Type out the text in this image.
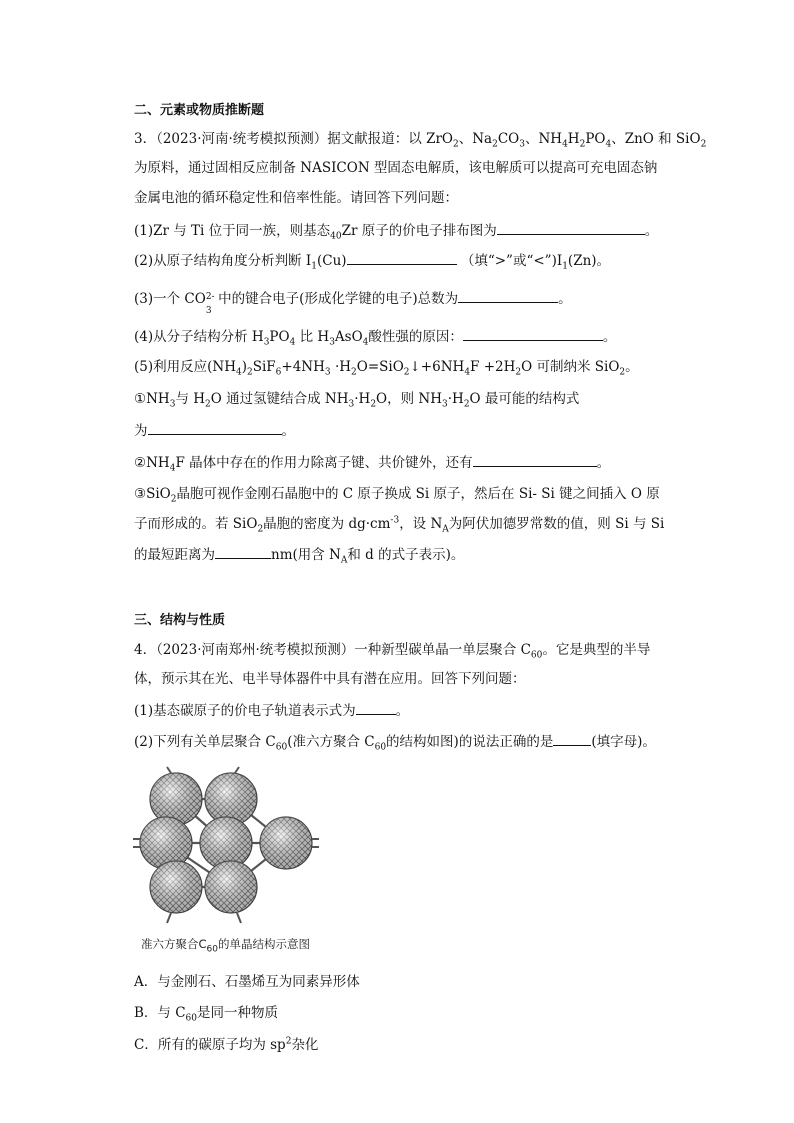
二、元素或物质推断题
3．（2023·河南·统考模拟预测）据文献报道：以 ZrO$_2$、$Na_2CO_3$、$NH_4H_2PO_4$、ZnO 和 SiO$_2$
为原料，通过固相反应制备 NASICON 型固态电解质，该电解质可以提高可充电固态钠
金属电池的循环稳定性和倍率性能。请回答下列问题：
(1)Zr 与 Ti 位于同一族，则基态$_{40}$Zr 原子的价电子排布图为	。
(2)从原子结构角度分析判断 $I_1(Cu)$	（填“>”或“$<”)I_1(Zn)$。
(3)一个 CO 2-
3
中的键合电子(形成化学键的电子)总数为	。
(4)从分子结构分析 $H_3PO_4$ 比 $H_3AsO_4$酸性强的原因：	。
(5)利用反应$(NH_4)_2SiF_6+4NH_3$ $\cdot H_2O=SiO_2↓+6NH_4F +2H_2O$ 可制纳米 SiO$_2$。
$①NH_3$与 $H_2O$ 通过氢键结合成 $NH_3\cdot H_2O$，则 $NH_3\cdot H_2O$ 最可能的结构式
为	。
$②NH_4F$ 晶体中存在的作用力除离子键、共价键外，还有	。
③SiO$_2$晶胞可视作金刚石晶胞中的 C 原子换成 Si 原子，然后在 Si- Si 键之间插入 O 原
子而形成的。若 SiO$_2$晶胞的密度为 $dg\cdot cm^{-3}$，设 $N_A$为阿伏加德罗常数的值，则 Si 与 Si
的最短距离为	nm(用含 $N_A$和 d 的式子表示)。
三、结构与性质
4．（2023·河南郑州·统考模拟预测）一种新型碳单晶一单层聚合 $C_{60}$。它是典型的半导
体，预示其在光、电半导体器件中具有潜在应用。回答下列问题：
(1)基态碳原子的价电子轨道表示式为	。
(2)下列有关单层聚合 $C_{60}$(准六方聚合 $C_{60}$的结构如图)的说法正确的是	(填字母)。
准六方聚合$C_{60}$的单晶结构示意图
A．与金刚石、石墨烯互为同素异形体
B．与 $C_{60}$是同一种物质
C．所有的碳原子均为 $sp^2$杂化
